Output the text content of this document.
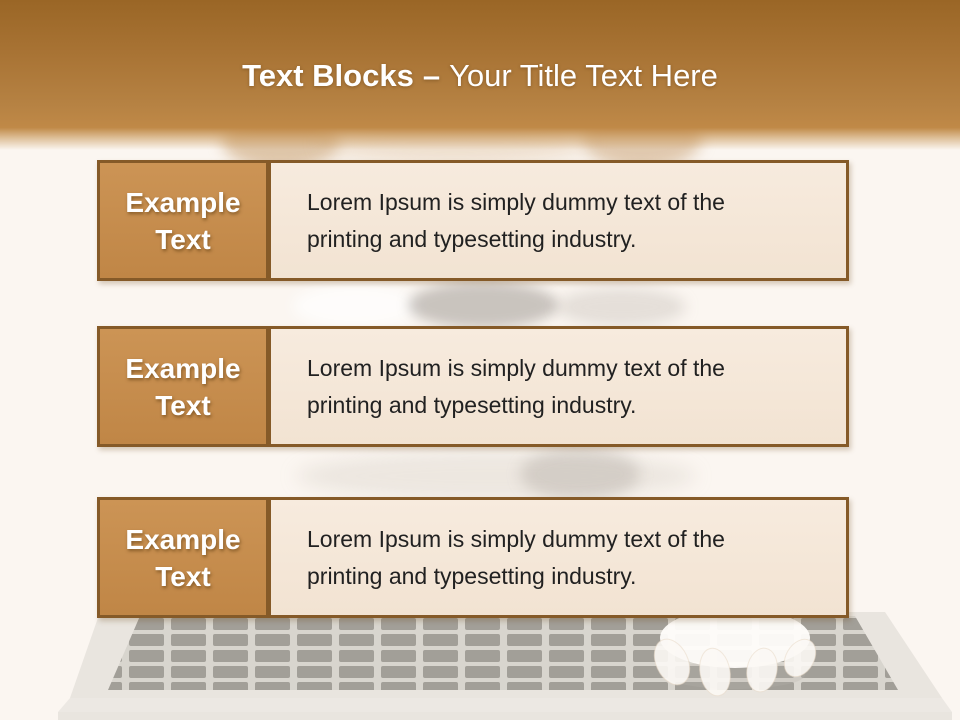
Text Blocks – Your Title Text Here
Example Text
Lorem Ipsum is simply dummy text of the
printing and typesetting industry.
Example Text
Lorem Ipsum is simply dummy text of the
printing and typesetting industry.
Example Text
Lorem Ipsum is simply dummy text of the
printing and typesetting industry.
